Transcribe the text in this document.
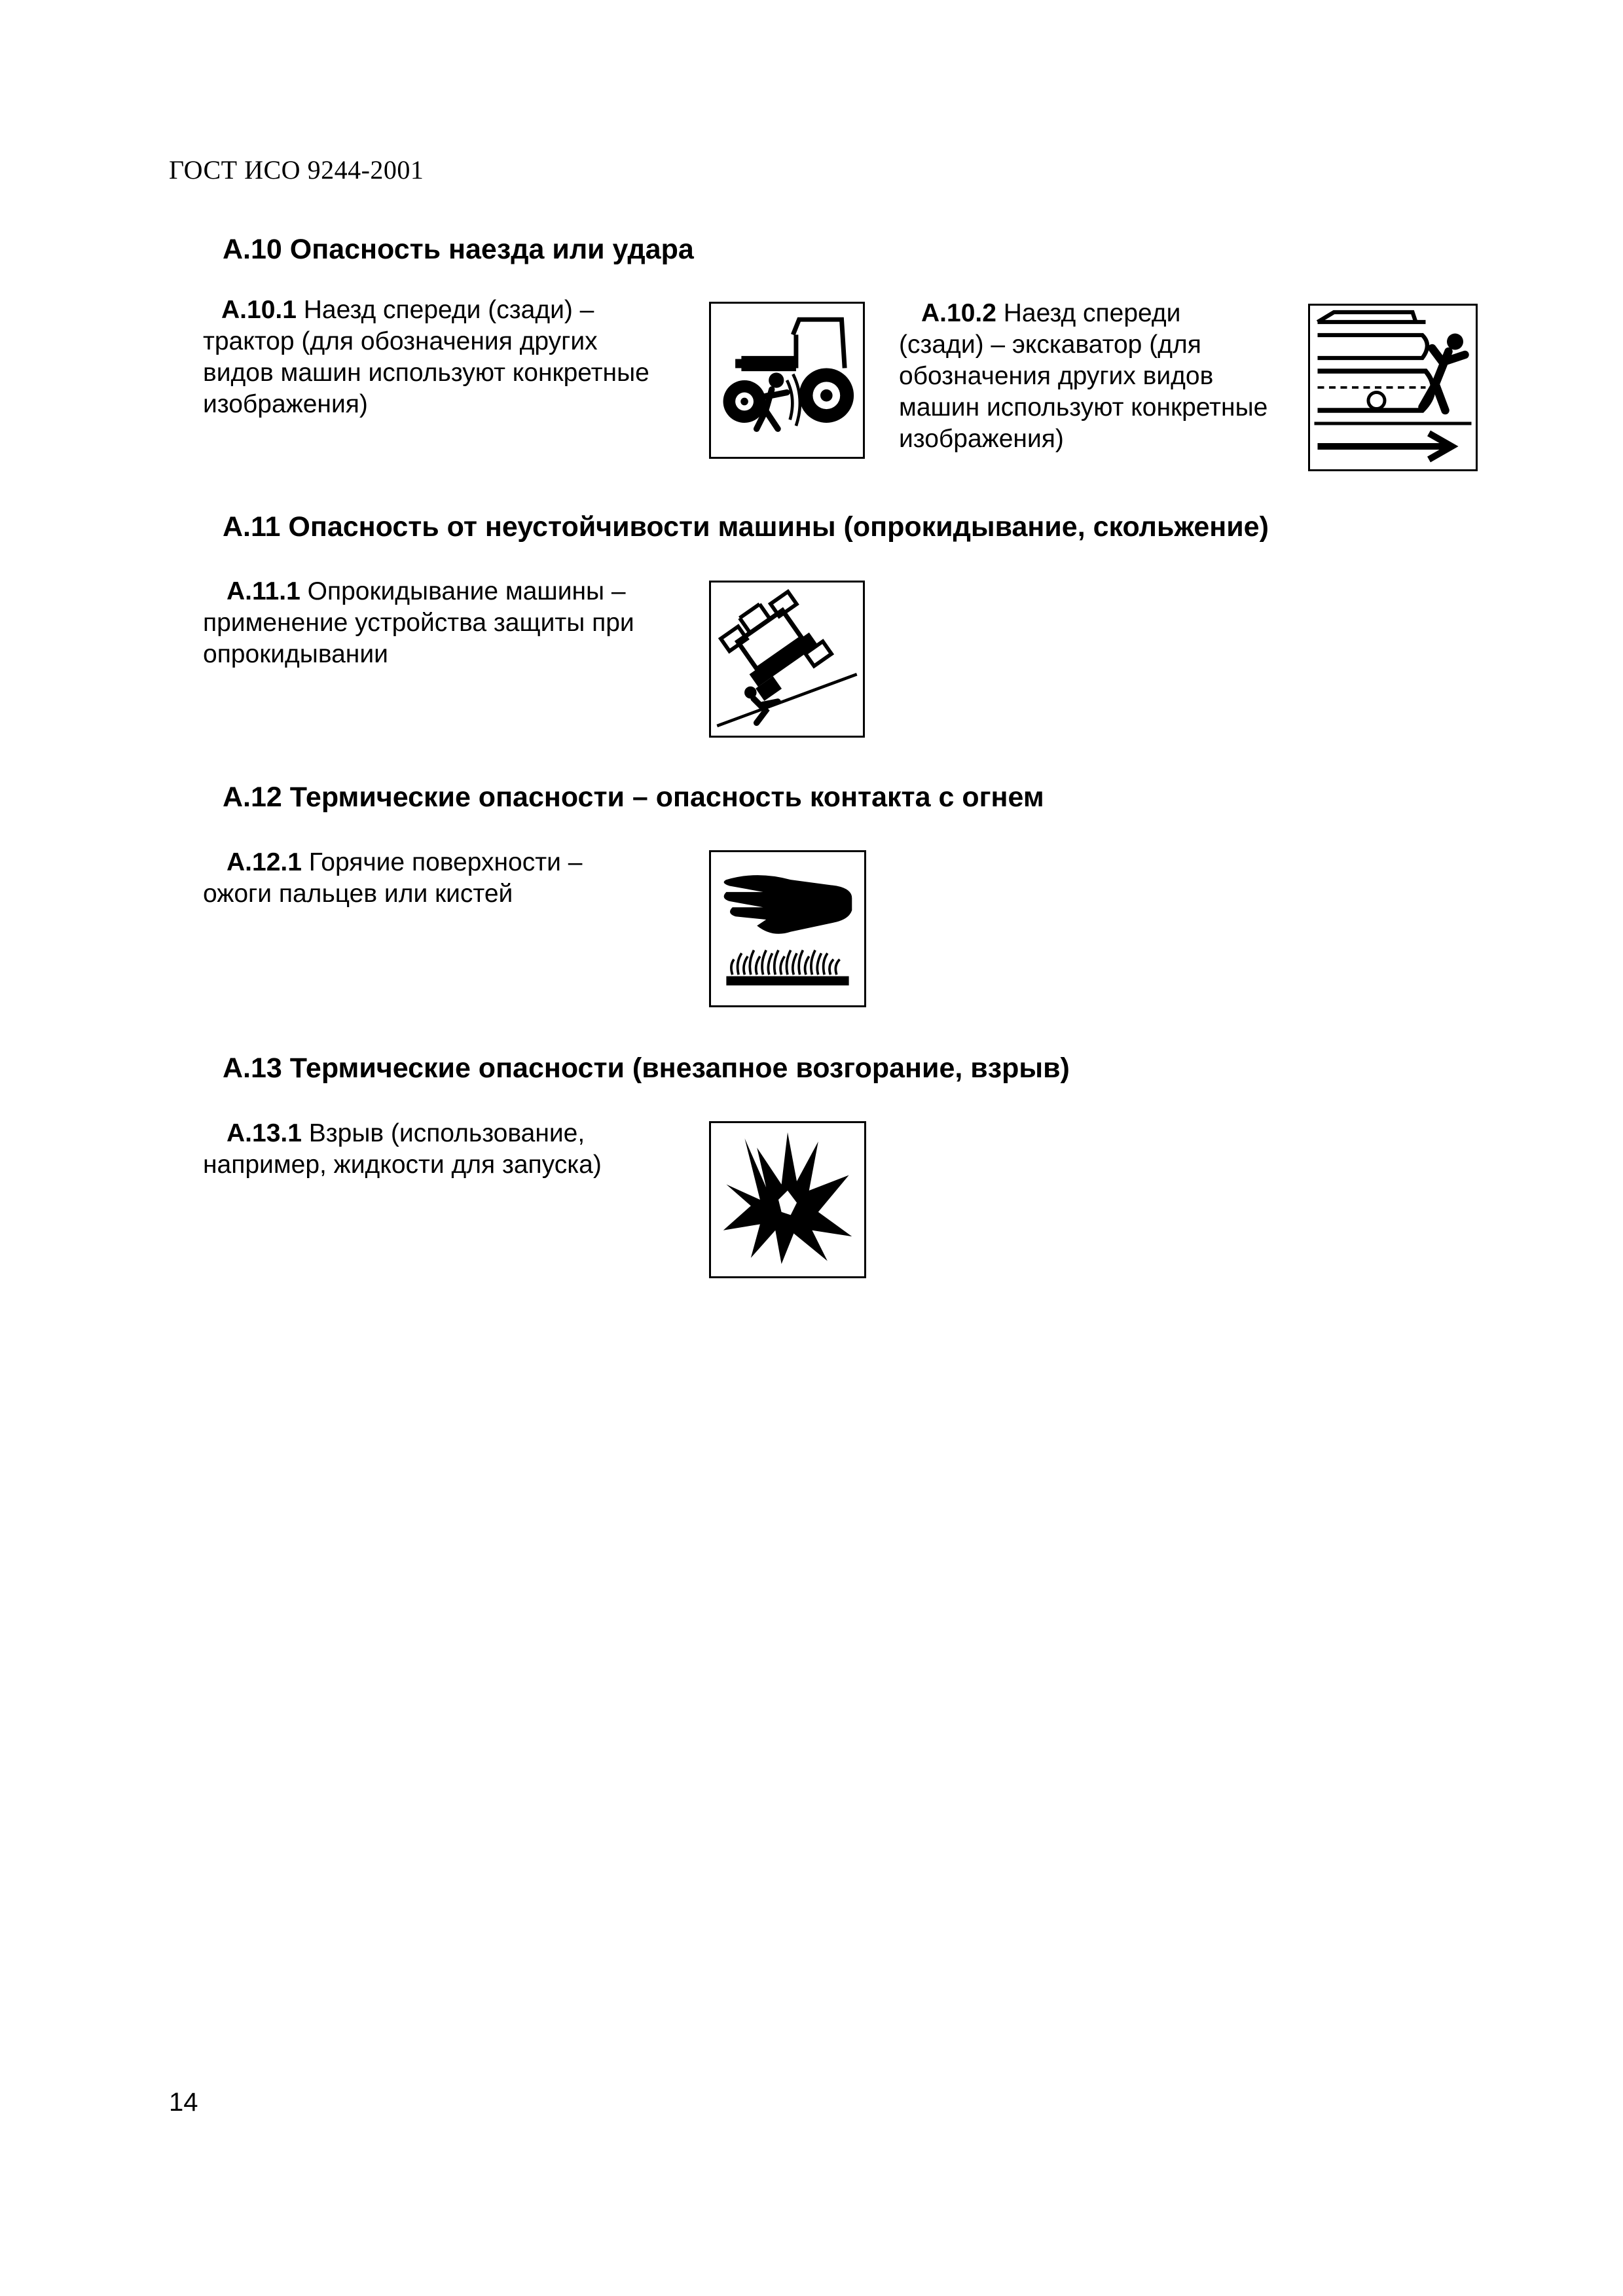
ГОСТ ИСО 9244-2001
А.10 Опасность наезда или удара
А.10.1 Наезд спереди (сзади) –
трактор (для обозначения других
видов машин используют конкретные
изображения)
А.10.2 Наезд спереди
(сзади) – экскаватор (для
обозначения других видов
машин используют конкретные
изображения)
А.11 Опасность от неустойчивости машины (опрокидывание, скольжение)
А.11.1 Опрокидывание машины –
применение устройства защиты при
опрокидывании
А.12 Термические опасности – опасность контакта с огнем
А.12.1 Горячие поверхности –
ожоги пальцев или кистей
А.13 Термические опасности (внезапное возгорание, взрыв)
А.13.1 Взрыв (использование,
например, жидкости для запуска)
14
